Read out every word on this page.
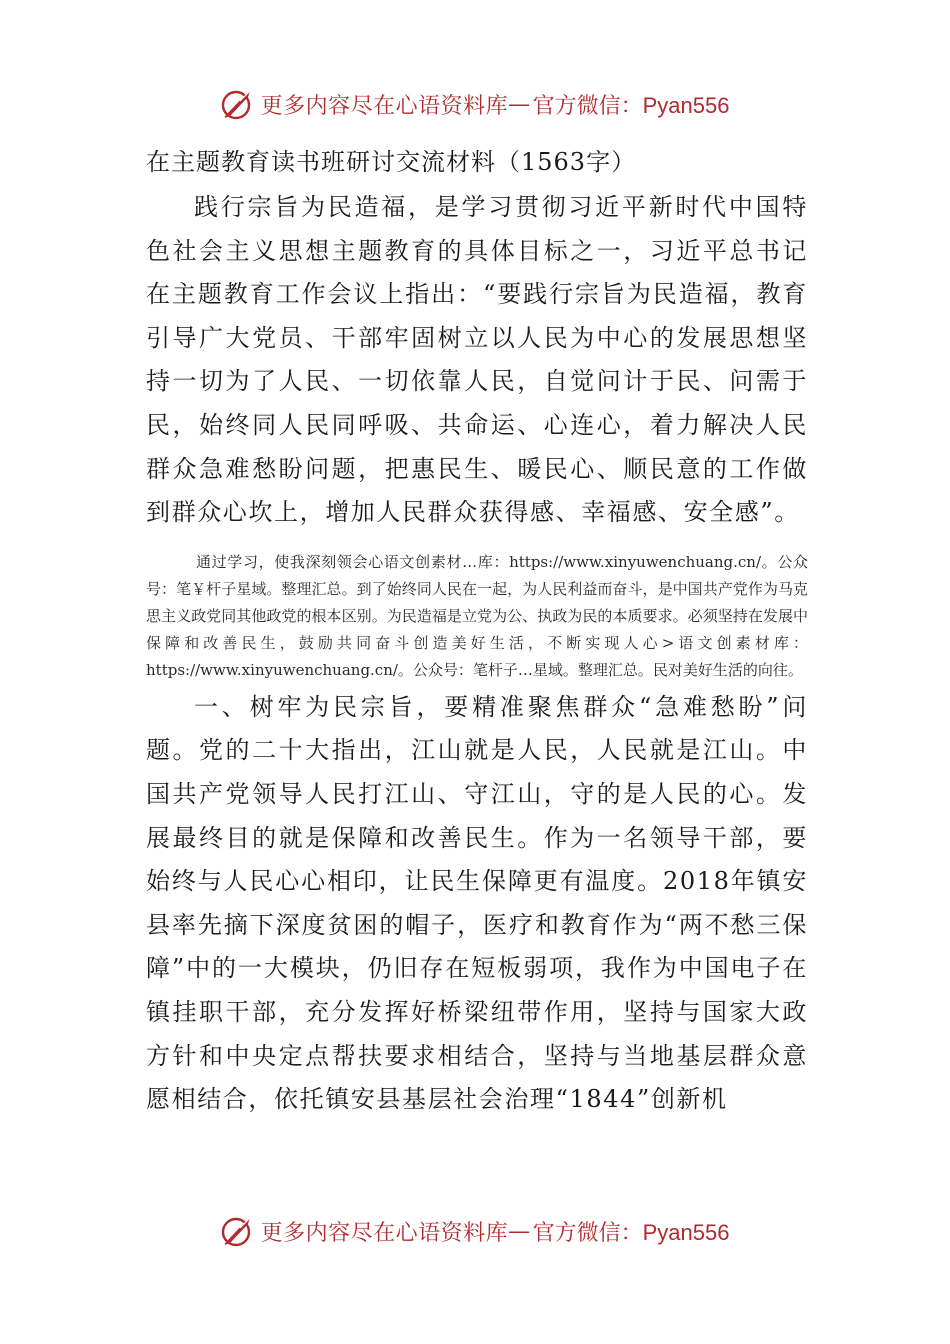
更多内容尽在心语资料库 — 官方微信：Pyan556
在主题教育读书班研讨交流材料（1563字）

践行宗旨为民造福，是学习贯彻习近平新时代中国特色社会主义思想主题教育的具体目标之一，习近平总书记在主题教育工作会议上指出：“要践行宗旨为民造福，教育引导广大党员、干部牢固树立以人民为中心的发展思想坚持一切为了人民、一切依靠人民，自觉问计于民、问需于民，始终同人民同呼吸、共命运、心连心，着力解决人民群众急难愁盼问题，把惠民生、暖民心、顺民意的工作做到群众心坎上，增加人民群众获得感、幸福感、安全感”。

通过学习，使我深刻领会心语文创素材…库：https://www.xinyuwenchuang.cn/。公众号：笔￥杆子星域。整理汇总。到了始终同人民在一起，为人民利益而奋斗，是中国共产党作为马克思主义政党同其他政党的根本区别。为民造福是立党为公、执政为民的本质要求。必须坚持在发展中保障和改善民生，鼓励共同奋斗创造美好生活，不断实现人心>语文创素材库：https://www.xinyuwenchuang.cn/。公众号：笔杆子…星域。整理汇总。民对美好生活的向往。

一、树牢为民宗旨，要精准聚焦群众“急难愁盼”问题。党的二十大指出，江山就是人民，人民就是江山。中国共产党领导人民打江山、守江山，守的是人民的心。发展最终目的就是保障和改善民生。作为一名领导干部，要始终与人民心心相印，让民生保障更有温度。2018年镇安县率先摘下深度贫困的帽子，医疗和教育作为“两不愁三保障”中的一大模块，仍旧存在短板弱项，我作为中国电子在镇挂职干部，充分发挥好桥梁纽带作用，坚持与国家大政方针和中央定点帮扶要求相结合，坚持与当地基层群众意愿相结合，依托镇安县基层社会治理“1844”创新机

更多内容尽在心语资料库 — 官方微信：Pyan556
